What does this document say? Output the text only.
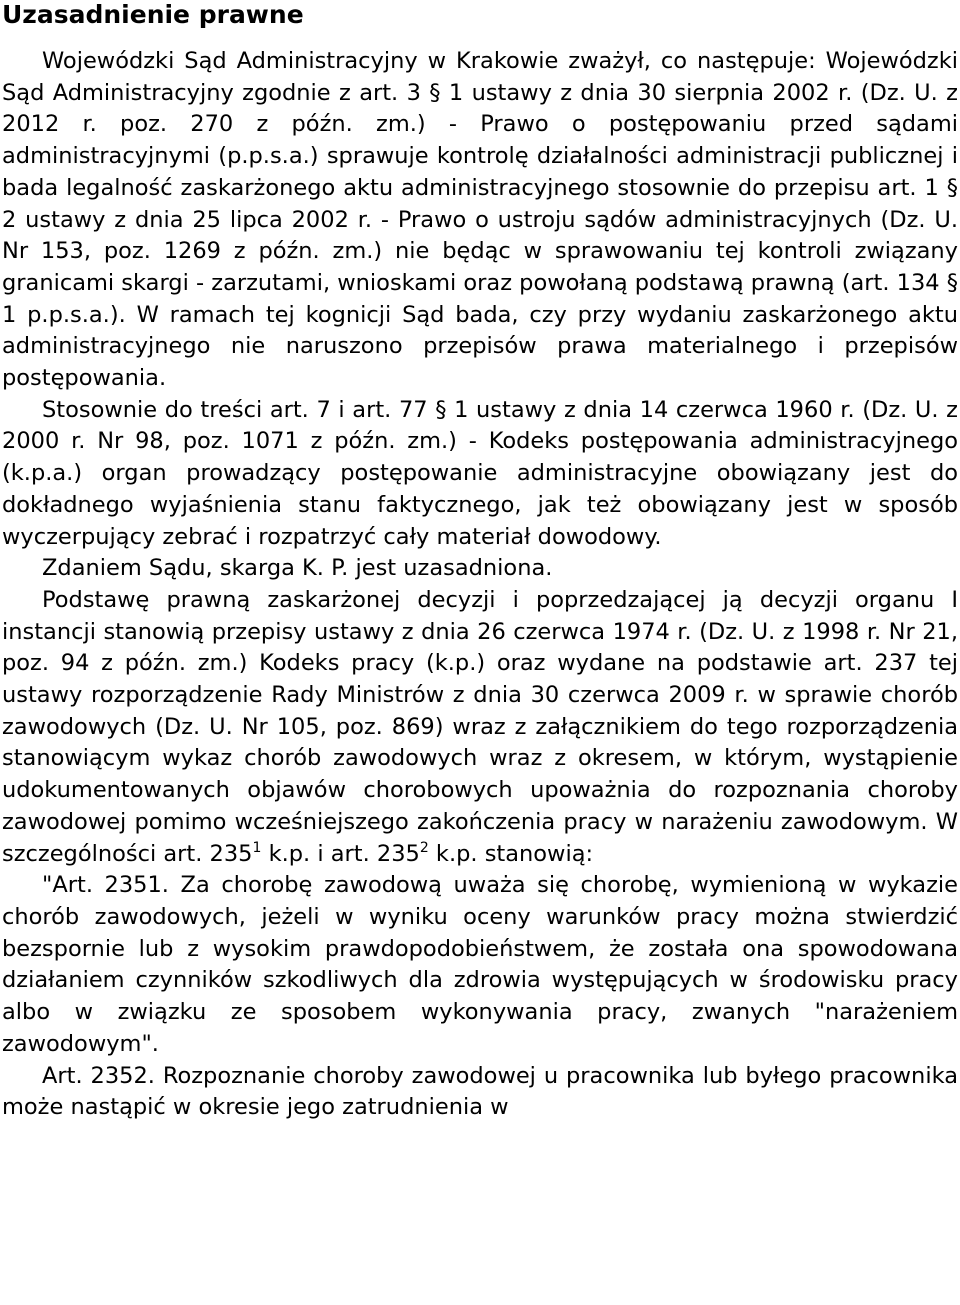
Uzasadnienie prawne

Wojewódzki Sąd Administracyjny w Krakowie zważył, co następuje: Wojewódzki Sąd Administracyjny zgodnie z art. 3 § 1 ustawy z dnia 30 sierpnia 2002 r. (Dz. U. z 2012 r. poz. 270 z późn. zm.) - Prawo o postępowaniu przed sądami administracyjnymi (p.p.s.a.) sprawuje kontrolę działalności administracji publicznej i bada legalność zaskarżonego aktu administracyjnego stosownie do przepisu art. 1 § 2 ustawy z dnia 25 lipca 2002 r. - Prawo o ustroju sądów administracyjnych (Dz. U. Nr 153, poz. 1269 z późn. zm.) nie będąc w sprawowaniu tej kontroli związany granicami skargi - zarzutami, wnioskami oraz powołaną podstawą prawną (art. 134 § 1 p.p.s.a.). W ramach tej kognicji Sąd bada, czy przy wydaniu zaskarżonego aktu administracyjnego nie naruszono przepisów prawa materialnego i przepisów postępowania.

Stosownie do treści art. 7 i art. 77 § 1 ustawy z dnia 14 czerwca 1960 r. (Dz. U. z 2000 r. Nr 98, poz. 1071 z późn. zm.) - Kodeks postępowania administracyjnego (k.p.a.) organ prowadzący postępowanie administracyjne obowiązany jest do dokładnego wyjaśnienia stanu faktycznego, jak też obowiązany jest w sposób wyczerpujący zebrać i rozpatrzyć cały materiał dowodowy.

Zdaniem Sądu, skarga K. P. jest uzasadniona.

Podstawę prawną zaskarżonej decyzji i poprzedzającej ją decyzji organu I instancji stanowią przepisy ustawy z dnia 26 czerwca 1974 r. (Dz. U. z 1998 r. Nr 21, poz. 94 z późn. zm.) Kodeks pracy (k.p.) oraz wydane na podstawie art. 237 tej ustawy rozporządzenie Rady Ministrów z dnia 30 czerwca 2009 r. w sprawie chorób zawodowych (Dz. U. Nr 105, poz. 869) wraz z załącznikiem do tego rozporządzenia stanowiącym wykaz chorób zawodowych wraz z okresem, w którym, wystąpienie udokumentowanych objawów chorobowych upoważnia do rozpoznania choroby zawodowej pomimo wcześniejszego zakończenia pracy w narażeniu zawodowym. W szczególności art. $235^1$ k.p. i art. $235^2$ k.p. stanowią:

"Art. 2351. Za chorobę zawodową uważa się chorobę, wymienioną w wykazie chorób zawodowych, jeżeli w wyniku oceny warunków pracy można stwierdzić bezspornie lub z wysokim prawdopodobieństwem, że została ona spowodowana działaniem czynników szkodliwych dla zdrowia występujących w środowisku pracy albo w związku ze sposobem wykonywania pracy, zwanych "narażeniem zawodowym".

Art. 2352. Rozpoznanie choroby zawodowej u pracownika lub byłego pracownika może nastąpić w okresie jego zatrudnienia w
